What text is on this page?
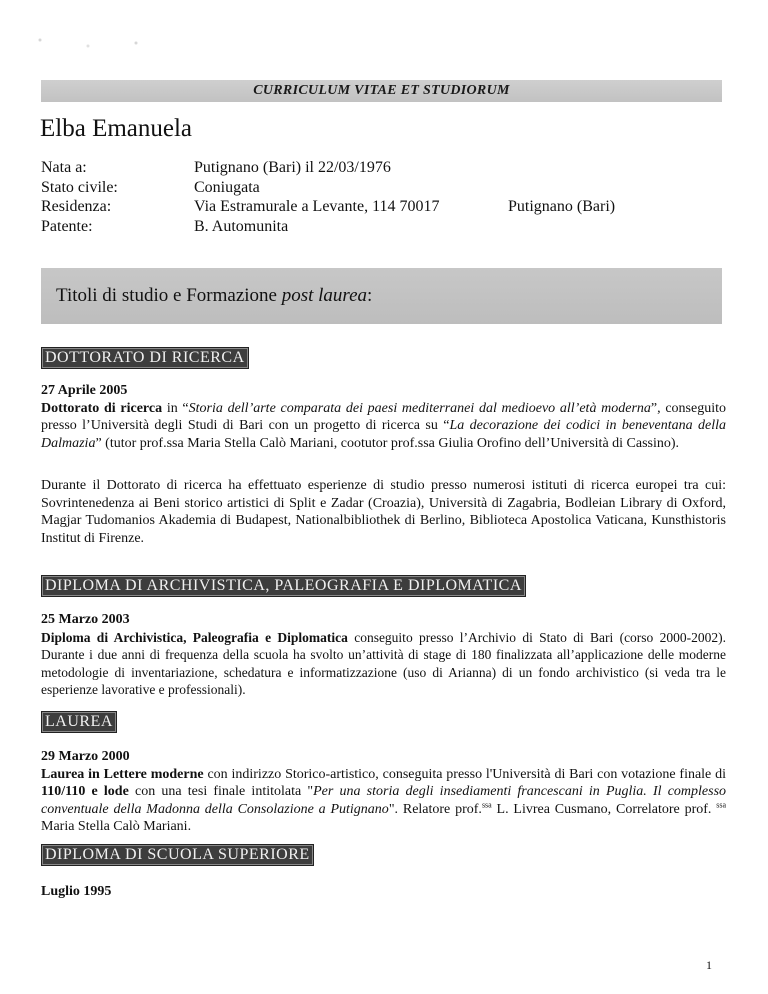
CURRICULUM VITAE ET STUDIORUM
Elba Emanuela
Nata a:	Putignano (Bari) il 22/03/1976
Stato civile:	Coniugata
Residenza:	Via Estramurale a Levante, 114 70017	Putignano (Bari)
Patente:	B. Automunita
Titoli di studio e Formazione post laurea:
DOTTORATO DI RICERCA
27 Aprile 2005
Dottorato di ricerca in “Storia dell’arte comparata dei paesi mediterranei dal medioevo all’età moderna”, conseguito presso l’Università degli Studi di Bari con un progetto di ricerca su “La decorazione dei codici in beneventana della Dalmazia” (tutor prof.ssa Maria Stella Calò Mariani, cootutor prof.ssa Giulia Orofino dell’Università di Cassino).
Durante il Dottorato di ricerca ha effettuato esperienze di studio presso numerosi istituti di ricerca europei tra cui: Sovrintenedenza ai Beni storico artistici di Split e Zadar (Croazia), Università di Zagabria, Bodleian Library di Oxford, Magjar Tudomanios Akademia di Budapest, Nationalbibliothek di Berlino, Biblioteca Apostolica Vaticana, Kunsthistoris Institut di Firenze.
DIPLOMA DI ARCHIVISTICA, PALEOGRAFIA E DIPLOMATICA
25 Marzo 2003
Diploma di Archivistica, Paleografia e Diplomatica conseguito presso l’Archivio di Stato di Bari (corso 2000-2002). Durante i due anni di frequenza della scuola ha svolto un’attività di stage di 180 finalizzata all’applicazione delle moderne metodologie di inventariazione, schedatura e informatizzazione (uso di Arianna) di un fondo archivistico (si veda tra le esperienze lavorative e professionali).
LAUREA
29 Marzo 2000
Laurea in Lettere moderne con indirizzo Storico-artistico, conseguita presso l'Università di Bari con votazione finale di 110/110 e lode con una tesi finale intitolata "Per una storia degli insediamenti francescani in Puglia. Il complesso conventuale della Madonna della Consolazione a Putignano". Relatore prof.$^{ssa}$ L. Livrea Cusmano, Correlatore prof. $^{ssa}$ Maria Stella Calò Mariani.
DIPLOMA DI SCUOLA SUPERIORE
Luglio 1995
1
